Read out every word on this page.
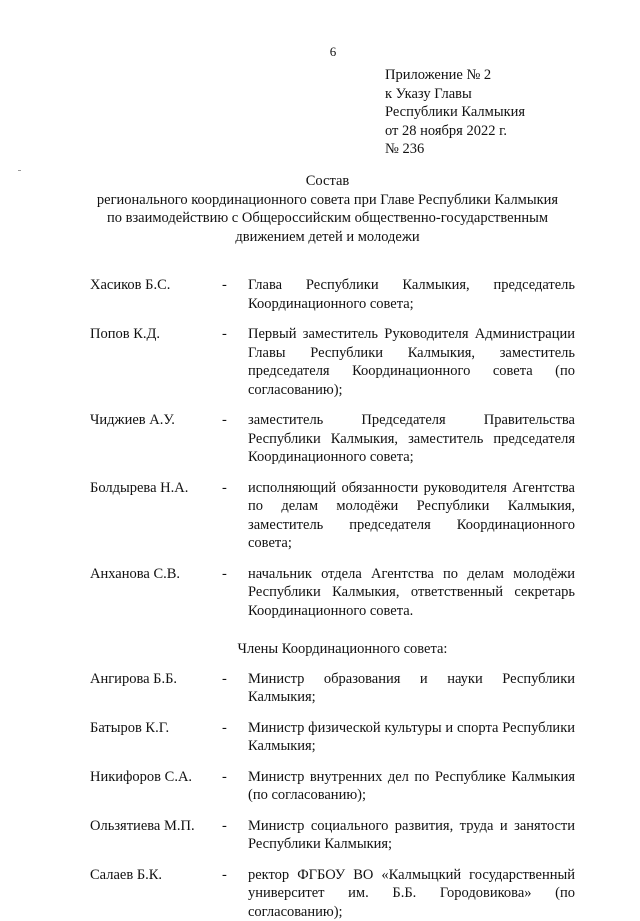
6
Приложение № 2
к Указу Главы
Республики Калмыкия
от 28 ноября 2022 г.
№ 236
Состав
регионального координационного совета при Главе Республики Калмыкия
по взаимодействию с Общероссийским общественно-государственным
движением детей и молодежи
Хасиков Б.С.	-	Глава Республики Калмыкия, председатель Координационного совета;
Попов К.Д.	-	Первый заместитель Руководителя Администрации Главы Республики Калмыкия, заместитель председателя Координационного совета (по согласованию);
Чиджиев А.У.	-	заместитель Председателя Правительства Республики Калмыкия, заместитель председателя Координационного совета;
Болдырева Н.А.	-	исполняющий обязанности руководителя Агентства по делам молодёжи Республики Калмыкия, заместитель председателя Координационного совета;
Анханова С.В.	-	начальник отдела Агентства по делам молодёжи Республики Калмыкия, ответственный секретарь Координационного совета.
Члены Координационного совета:
Ангирова Б.Б.	-	Министр образования и науки Республики Калмыкия;
Батыров К.Г.	-	Министр физической культуры и спорта Республики Калмыкия;
Никифоров С.А.	-	Министр внутренних дел по Республике Калмыкия (по согласованию);
Ользятиева М.П.	-	Министр социального развития, труда и занятости Республики Калмыкия;
Салаев Б.К.	-	ректор ФГБОУ ВО «Калмыцкий государственный университет им. Б.Б. Городовикова» (по согласованию);
